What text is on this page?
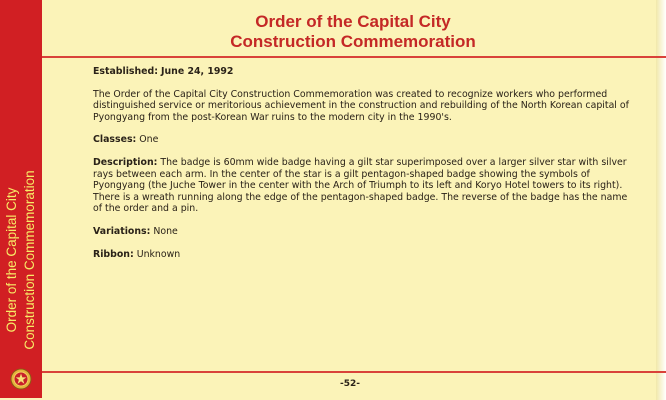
Order of the Capital City Construction Commemoration
Order of the Capital City
Construction Commemoration

Established: June 24, 1992

The Order of the Capital City Construction Commemoration was created to recognize workers who performed distinguished service or meritorious achievement in the construction and rebuilding of the North Korean capital of Pyongyang from the post-Korean War ruins to the modern city in the 1990's.

Classes: One

Description: The badge is 60mm wide badge having a gilt star superimposed over a larger silver star with silver rays between each arm. In the center of the star is a gilt pentagon-shaped badge showing the symbols of Pyongyang (the Juche Tower in the center with the Arch of Triumph to its left and Koryo Hotel towers to its right). There is a wreath running along the edge of the pentagon-shaped badge. The reverse of the badge has the name of the order and a pin.

Variations: None

Ribbon: Unknown

-52-
